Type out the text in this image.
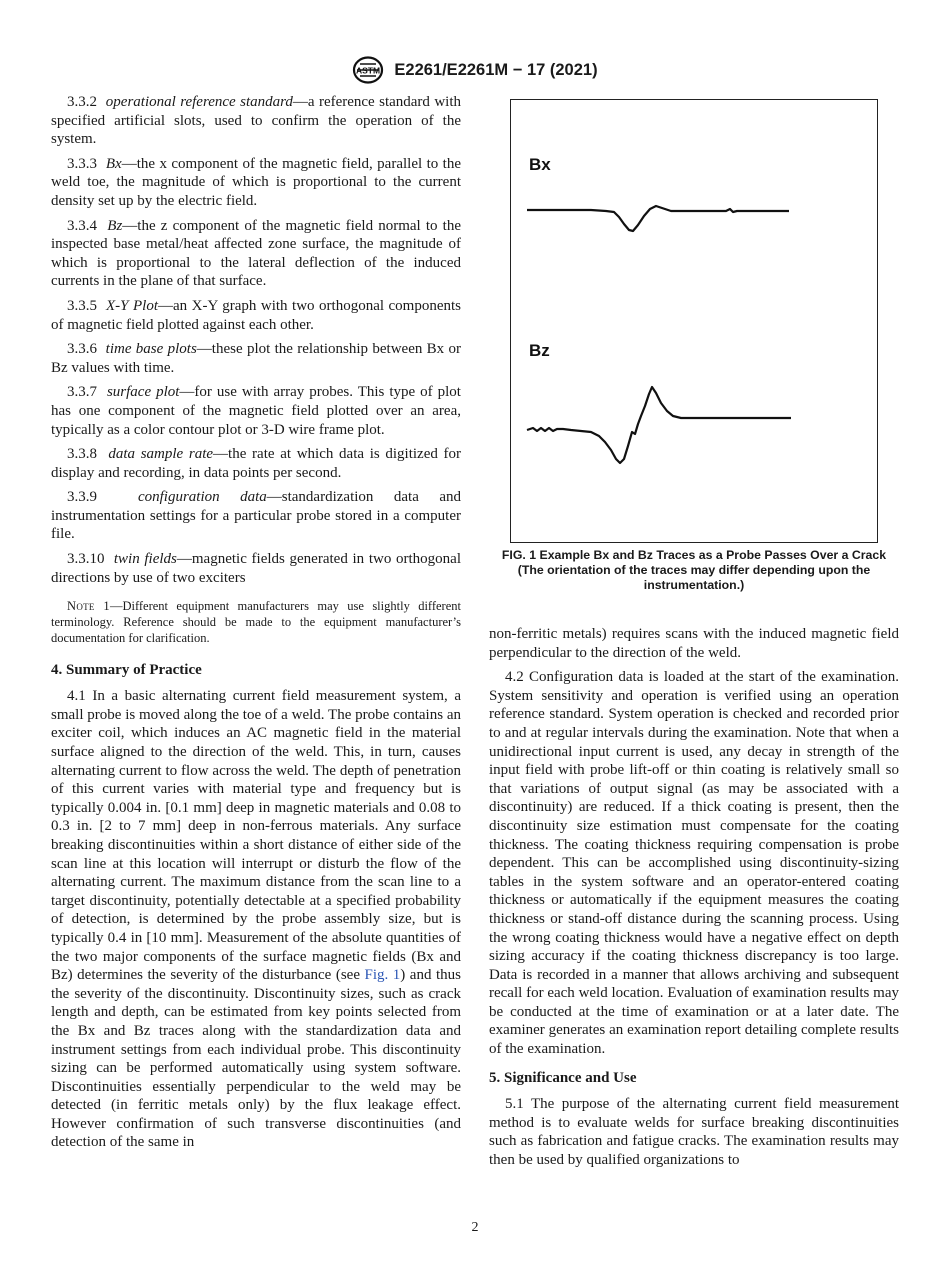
ASTM E2261/E2261M − 17 (2021)

3.3.2 operational reference standard—a reference standard with specified artificial slots, used to confirm the operation of the system.

3.3.3 Bx—the x component of the magnetic field, parallel to the weld toe, the magnitude of which is proportional to the current density set up by the electric field.

3.3.4 Bz—the z component of the magnetic field normal to the inspected base metal/heat affected zone surface, the magnitude of which is proportional to the lateral deflection of the induced currents in the plane of that surface.

3.3.5 X-Y Plot—an X-Y graph with two orthogonal components of magnetic field plotted against each other.

3.3.6 time base plots—these plot the relationship between Bx or Bz values with time.

3.3.7 surface plot—for use with array probes. This type of plot has one component of the magnetic field plotted over an area, typically as a color contour plot or 3-D wire frame plot.

3.3.8 data sample rate—the rate at which data is digitized for display and recording, in data points per second.

3.3.9	configuration data—standardization data and instrumentation settings for a particular probe stored in a computer file.

3.3.10 twin fields—magnetic fields generated in two orthogonal directions by use of two exciters

Note 1—Different equipment manufacturers may use slightly different terminology. Reference should be made to the equipment manufacturer’s documentation for clarification.

4. Summary of Practice

4.1 In a basic alternating current field measurement system, a small probe is moved along the toe of a weld. The probe contains an exciter coil, which induces an AC magnetic field in the material surface aligned to the direction of the weld. This, in turn, causes alternating current to flow across the weld. The depth of penetration of this current varies with material type and frequency but is typically 0.004 in. [0.1 mm] deep in magnetic materials and 0.08 to 0.3 in. [2 to 7 mm] deep in non-ferrous materials. Any surface breaking discontinuities within a short distance of either side of the scan line at this location will interrupt or disturb the flow of the alternating current. The maximum distance from the scan line to a target discontinuity, potentially detectable at a specified probability of detection, is determined by the probe assembly size, but is typically 0.4 in [10 mm]. Measurement of the absolute quantities of the two major components of the surface magnetic fields (Bx and Bz) determines the severity of the disturbance (see Fig. 1) and thus the severity of the discontinuity. Discontinuity sizes, such as crack length and depth, can be estimated from key points selected from the Bx and Bz traces along with the standardization data and instrument settings from each individual probe. This discontinuity sizing can be performed automatically using system software. Discontinuities essentially perpendicular to the weld may be detected (in ferritic metals only) by the flux leakage effect. However confirmation of such transverse discontinuities (and detection of the same in

Bx
Bz
FIG. 1 Example Bx and Bz Traces as a Probe Passes Over a Crack
(The orientation of the traces may differ depending upon the instrumentation.)

non-ferritic metals) requires scans with the induced magnetic field perpendicular to the direction of the weld.

4.2 Configuration data is loaded at the start of the examination. System sensitivity and operation is verified using an operation reference standard. System operation is checked and recorded prior to and at regular intervals during the examination. Note that when a unidirectional input current is used, any decay in strength of the input field with probe lift-off or thin coating is relatively small so that variations of output signal (as may be associated with a discontinuity) are reduced. If a thick coating is present, then the discontinuity size estimation must compensate for the coating thickness. The coating thickness requiring compensation is probe dependent. This can be accomplished using discontinuity-sizing tables in the system software and an operator-entered coating thickness or automatically if the equipment measures the coating thickness or stand-off distance during the scanning process. Using the wrong coating thickness would have a negative effect on depth sizing accuracy if the coating thickness discrepancy is too large. Data is recorded in a manner that allows archiving and subsequent recall for each weld location. Evaluation of examination results may be conducted at the time of examination or at a later date. The examiner generates an examination report detailing complete results of the examination.

5. Significance and Use

5.1 The purpose of the alternating current field measurement method is to evaluate welds for surface breaking discontinuities such as fabrication and fatigue cracks. The examination results may then be used by qualified organizations to

2
